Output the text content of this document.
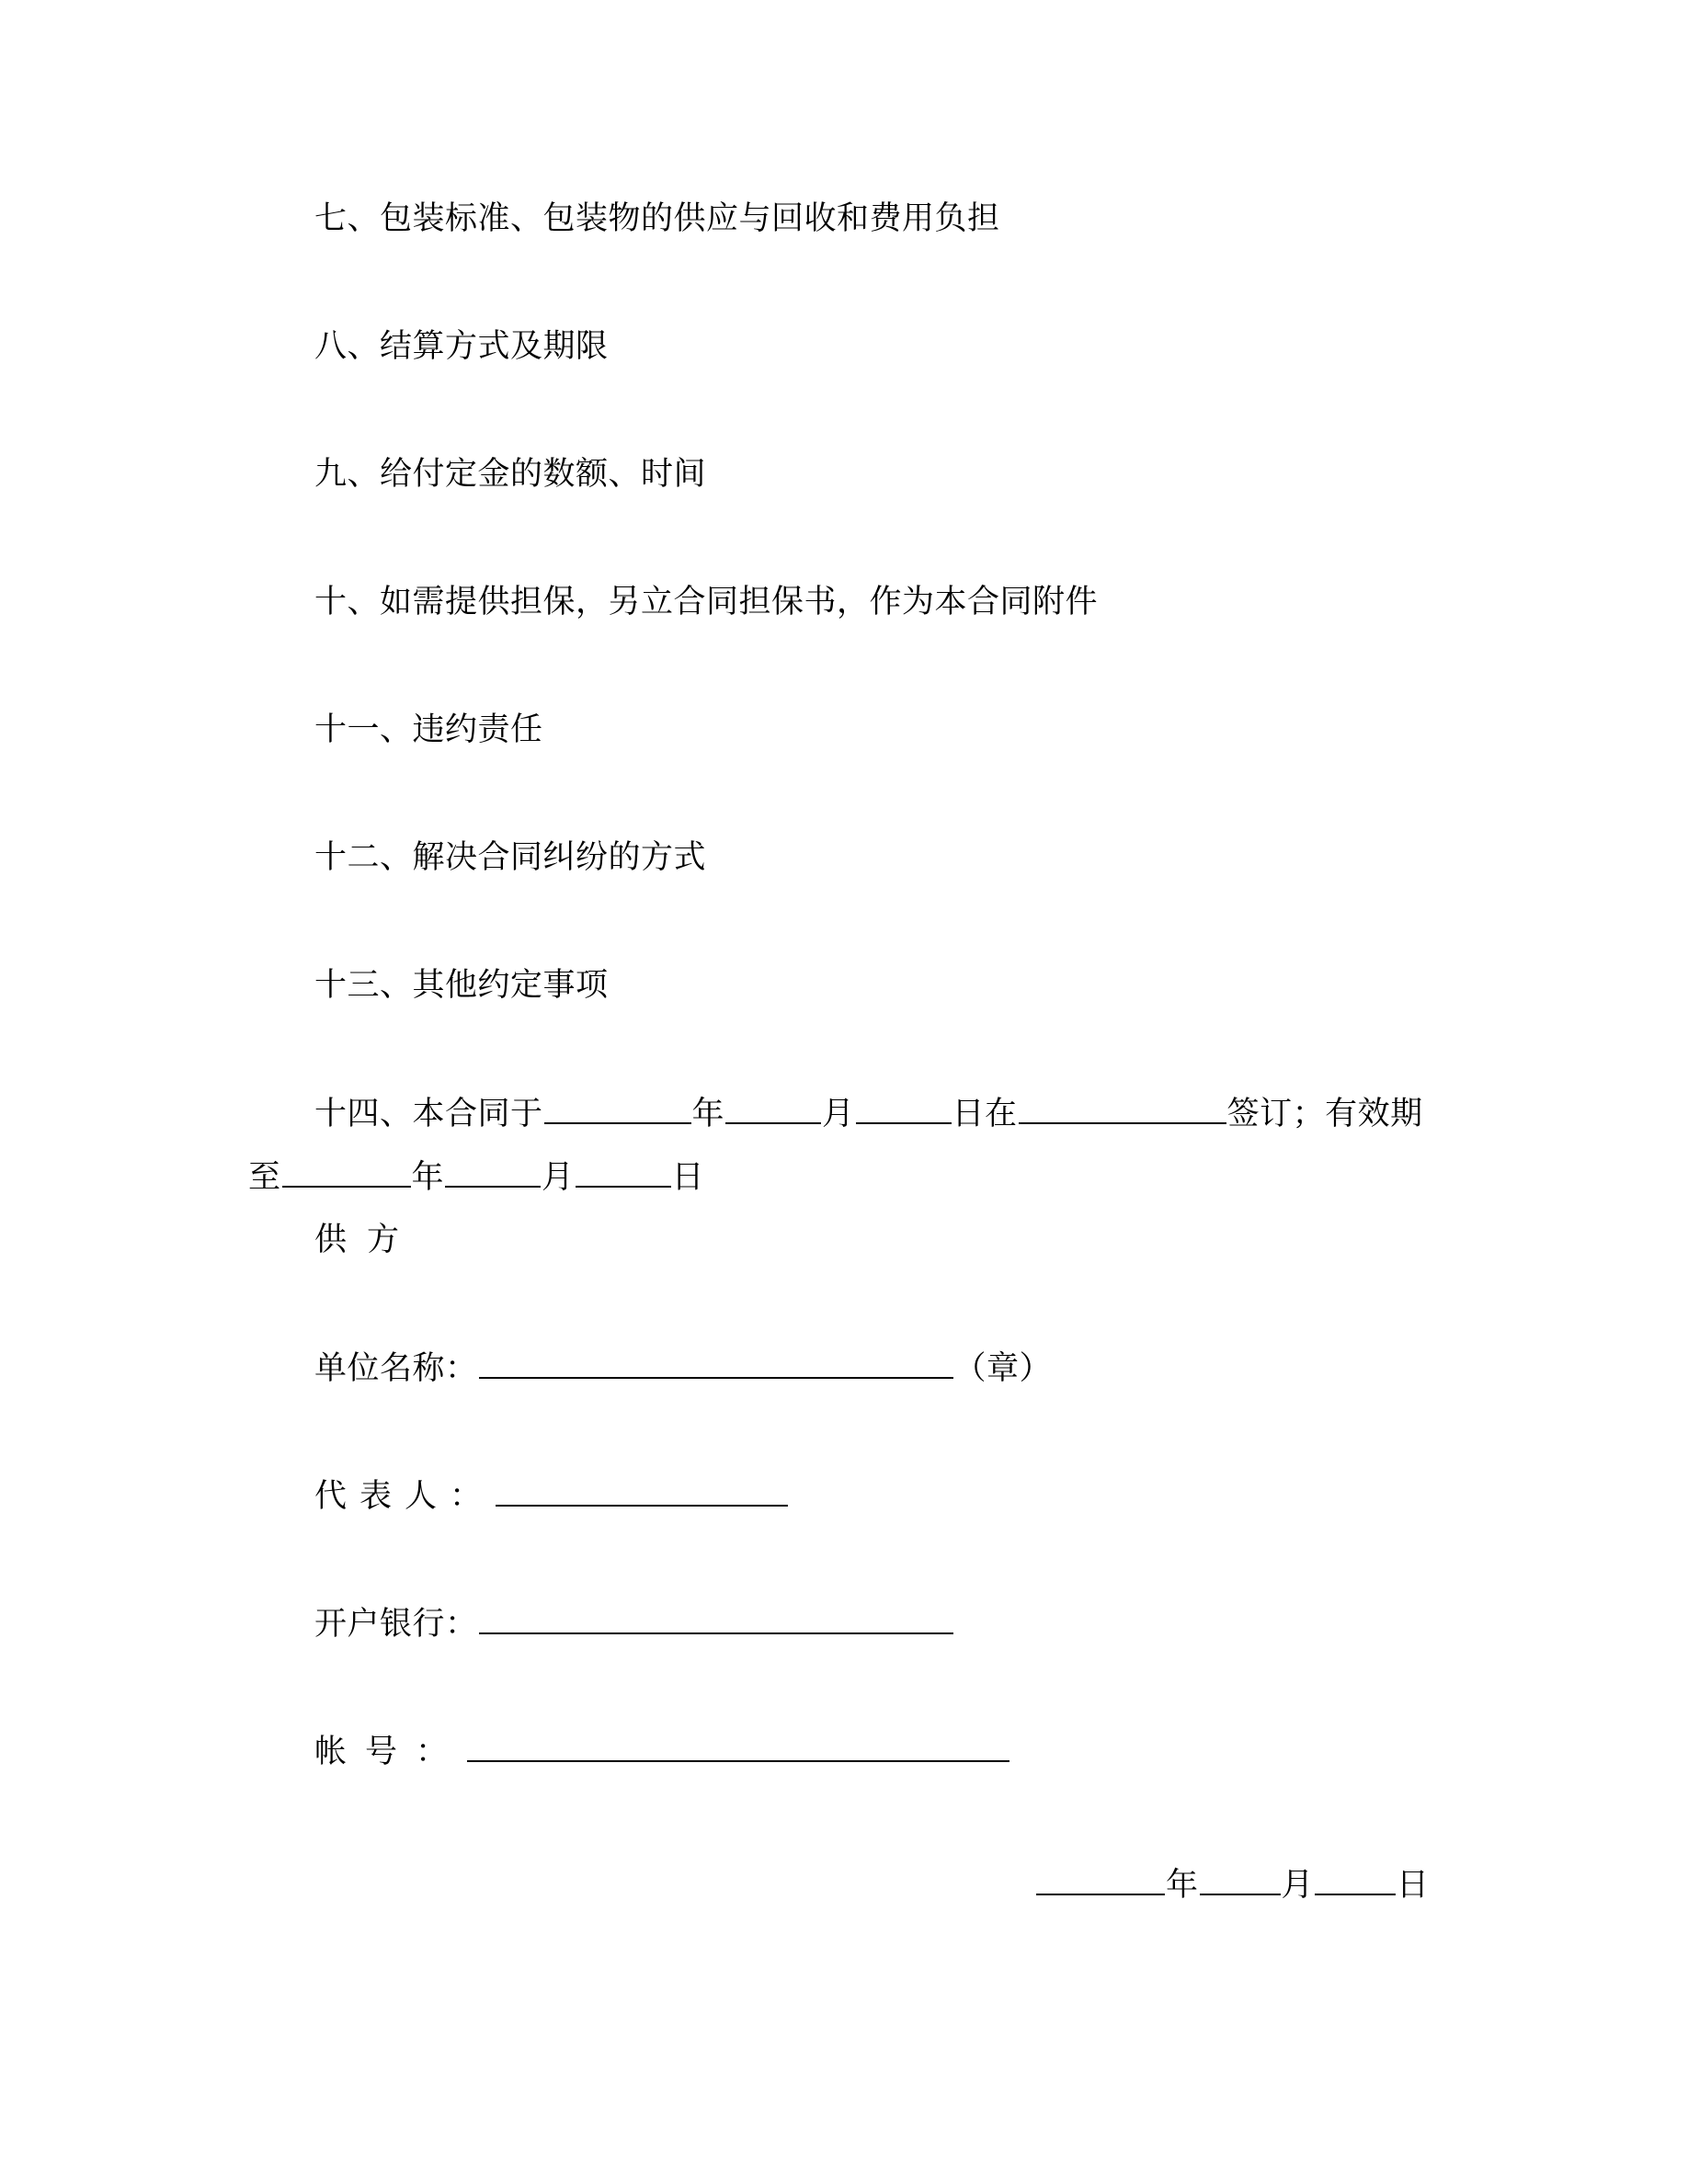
七、包装标准、包装物的供应与回收和费用负担
八、结算方式及期限
九、给付定金的数额、时间
十、如需提供担保，另立合同担保书，作为本合同附件
十一、违约责任
十二、解决合同纠纷的方式
十三、其他约定事项
十四、本合同于	年	月	日在	签订；有效期
至	年	月	日
供方
单位名称：	（章）
代表人：
开户银行：
帐号：
年	月	日
